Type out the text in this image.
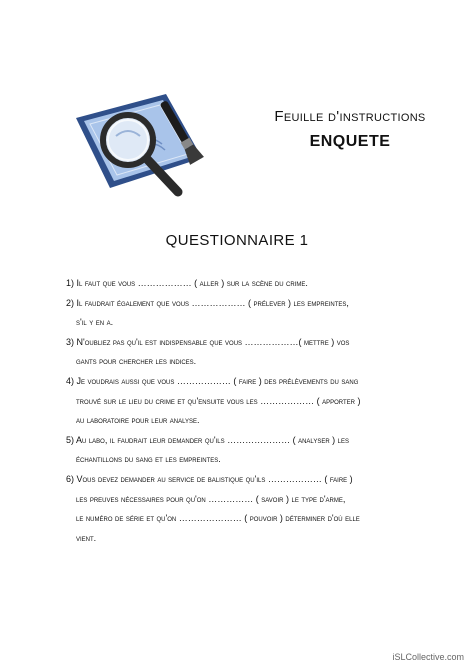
Feuille d'instructions
ENQUETE
QUESTIONNAIRE 1
1) Il faut que vous ……………… ( aller ) sur la scène du crime.
2) Il faudrait également que vous ……………… ( prélever ) les empreintes,
s'il y en a.
3) N'oubliez pas qu'il est indispensable que vous ………………( mettre ) vos
gants pour chercher les indices.
4) Je voudrais aussi que vous ……………… ( faire ) des prélèvements du sang
trouvé sur le lieu du crime et qu'ensuite vous les ……………… ( apporter )
au laboratoire pour leur analyse.
5) Au labo, il faudrait leur demander qu'ils ………………… ( analyser ) les
échantillons du sang et les empreintes.
6) Vous devez demander au service de balistique qu'ils ……………… ( faire )
les preuves nécessaires pour qu'on …………… ( savoir ) le type d'arme,
le numéro de série et qu'on ………………… ( pouvoir ) déterminer d'où elle
vient.
iSLCollective.com
